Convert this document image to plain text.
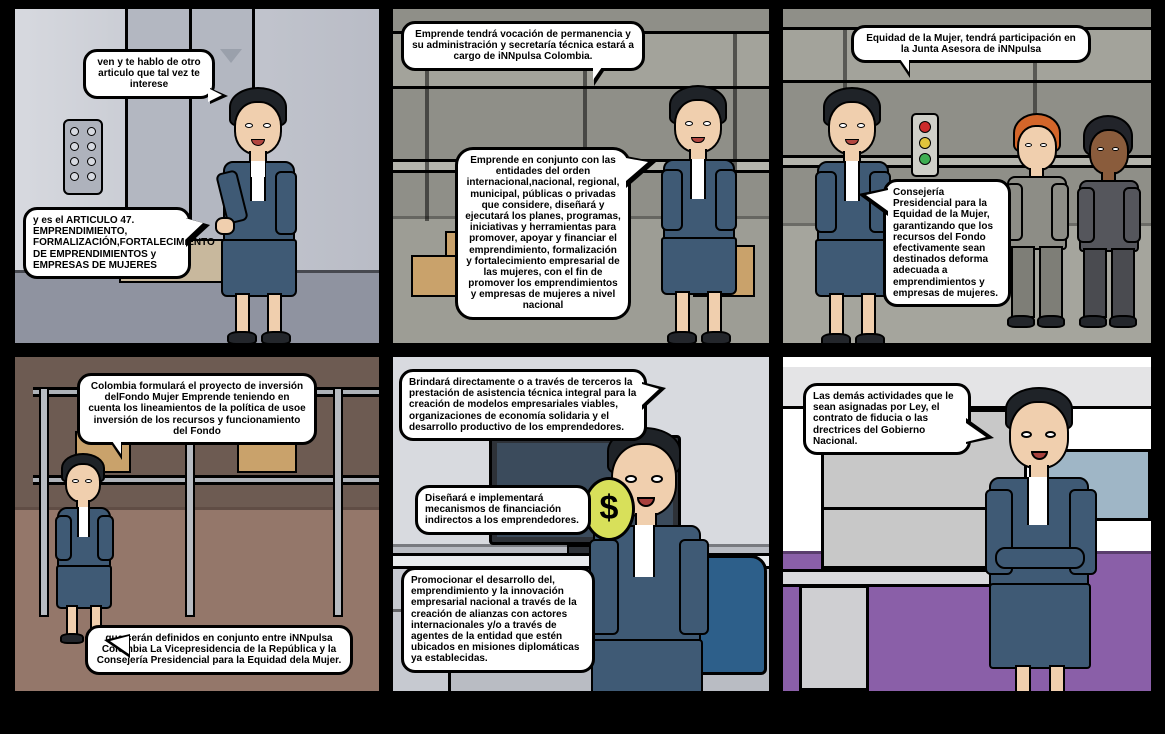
ven y te hablo de otro articulo que tal vez te interese
y es el ARTICULO 47. EMPRENDIMIENTO, FORMALIZACIÓN,FORTALECIMIENTO DE EMPRENDIMIENTOS y EMPRESAS DE MUJERES
Emprende tendrá vocación de permanencia y su administración y secretaría técnica estará a cargo de iNNpulsa Colombia.
Emprende en conjunto con las entidades del orden internacional,nacional, regional, municipal, públicas o privadas que considere, diseñará y ejecutará los planes, programas, iniciativas y herramientas para promover, apoyar y financiar el emprendimiento, formalización y fortalecimiento empresarial de las mujeres, con el fin de promover los emprendimientos y empresas de mujeres a nivel nacional
Equidad de la Mujer, tendrá participación en la Junta Asesora de iNNpulsa
Consejería Presidencial para la Equidad de la Mujer, garantizando que los recursos del Fondo efectivamente sean destinados deforma adecuada a emprendimientos y empresas de mujeres.
Colombia formulará el proyecto de inversión delFondo Mujer Emprende teniendo en cuenta los lineamientos de la política de usoe inversión de los recursos y funcionamiento del Fondo
que serán definidos en conjunto entre iNNpulsa Colombia La Vicepresidencia de la República y la Consejería Presidencial para la Equidad dela Mujer.
Brindará directamente o a través de terceros la prestación de asistencia técnica integral para la creación de modelos empresariales viables, organizaciones de economía solidaria y el desarrollo productivo de los emprendedores.
$
Diseñará e implementará mecanismos de financiación indirectos a los emprendedores.
Promocionar el desarrollo del, emprendimiento y la innovación empresarial nacional a través de la creación de alianzas con actores internacionales y/o a través de agentes de la entidad que estén ubicados en misiones diplomáticas ya establecidas.
Las demás actividades que le sean asignadas por Ley, el contrato de fiducia o las drectrices del Gobierno Nacional.
